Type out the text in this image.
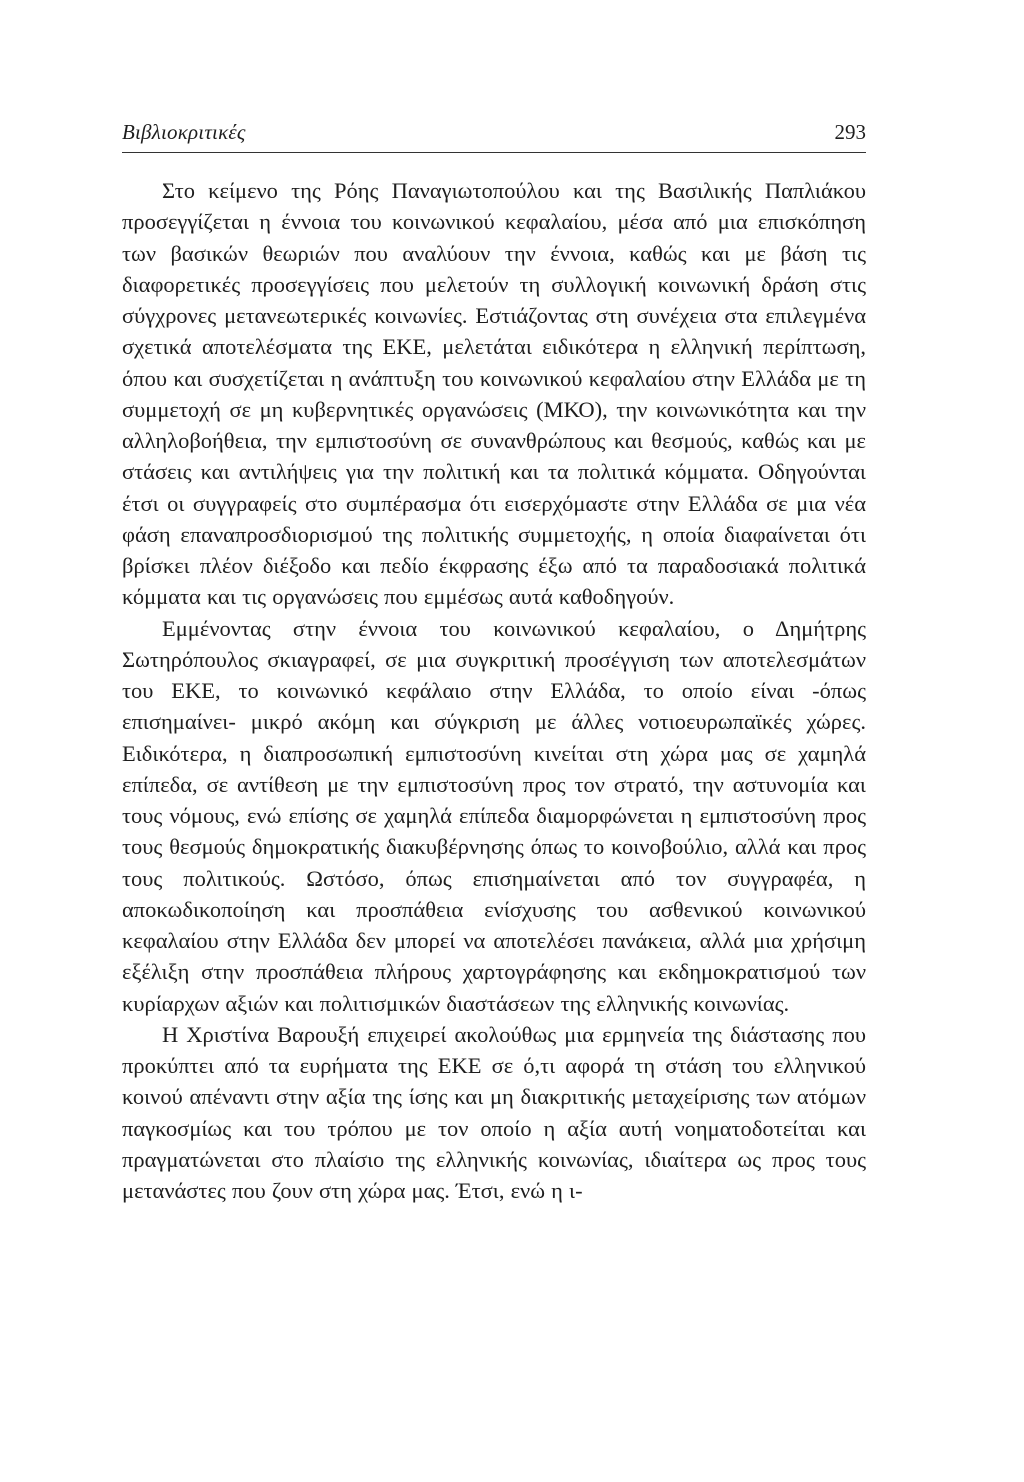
Βιβλιοκριτικές	293

Στο κείμενο της Ρόης Παναγιωτοπούλου και της Βασιλικής Παπλιάκου προσεγγίζεται η έννοια του κοινωνικού κεφαλαίου, μέσα από μια επισκόπηση των βασικών θεωριών που αναλύουν την έννοια, καθώς και με βάση τις διαφορετικές προσεγγίσεις που μελετούν τη συλλογική κοινωνική δράση στις σύγχρονες μετανεωτερικές κοινωνίες. Εστιάζοντας στη συνέχεια στα επιλεγμένα σχετικά αποτελέσματα της ΕΚΕ, μελετάται ειδικότερα η ελληνική περίπτωση, όπου και συσχετίζεται η ανάπτυξη του κοινωνικού κεφαλαίου στην Ελλάδα με τη συμμετοχή σε μη κυβερνητικές οργανώσεις (ΜΚΟ), την κοινωνικότητα και την αλληλοβοήθεια, την εμπιστοσύνη σε συνανθρώπους και θεσμούς, καθώς και με στάσεις και αντιλήψεις για την πολιτική και τα πολιτικά κόμματα. Οδηγούνται έτσι οι συγγραφείς στο συμπέρασμα ότι εισερχόμαστε στην Ελλάδα σε μια νέα φάση επαναπροσδιορισμού της πολιτικής συμμετοχής, η οποία διαφαίνεται ότι βρίσκει πλέον διέξοδο και πεδίο έκφρασης έξω από τα παραδοσιακά πολιτικά κόμματα και τις οργανώσεις που εμμέσως αυτά καθοδηγούν.

Εμμένοντας στην έννοια του κοινωνικού κεφαλαίου, ο Δημήτρης Σωτηρόπουλος σκιαγραφεί, σε μια συγκριτική προσέγγιση των αποτελεσμάτων του ΕΚΕ, το κοινωνικό κεφάλαιο στην Ελλάδα, το οποίο είναι -όπως επισημαίνει- μικρό ακόμη και σύγκριση με άλλες νοτιοευρωπαϊκές χώρες. Ειδικότερα, η διαπροσωπική εμπιστοσύνη κινείται στη χώρα μας σε χαμηλά επίπεδα, σε αντίθεση με την εμπιστοσύνη προς τον στρατό, την αστυνομία και τους νόμους, ενώ επίσης σε χαμηλά επίπεδα διαμορφώνεται η εμπιστοσύνη προς τους θεσμούς δημοκρατικής διακυβέρνησης όπως το κοινοβούλιο, αλλά και προς τους πολιτικούς. Ωστόσο, όπως επισημαίνεται από τον συγγραφέα, η αποκωδικοποίηση και προσπάθεια ενίσχυσης του ασθενικού κοινωνικού κεφαλαίου στην Ελλάδα δεν μπορεί να αποτελέσει πανάκεια, αλλά μια χρήσιμη εξέλιξη στην προσπάθεια πλήρους χαρτογράφησης και εκδημοκρατισμού των κυρίαρχων αξιών και πολιτισμικών διαστάσεων της ελληνικής κοινωνίας.

Η Χριστίνα Βαρουξή επιχειρεί ακολούθως μια ερμηνεία της διάστασης που προκύπτει από τα ευρήματα της ΕΚΕ σε ό,τι αφορά τη στάση του ελληνικού κοινού απέναντι στην αξία της ίσης και μη διακριτικής μεταχείρισης των ατόμων παγκοσμίως και του τρόπου με τον οποίο η αξία αυτή νοηματοδοτείται και πραγματώνεται στο πλαίσιο της ελληνικής κοινωνίας, ιδιαίτερα ως προς τους μετανάστες που ζουν στη χώρα μας. Έτσι, ενώ η ι-
